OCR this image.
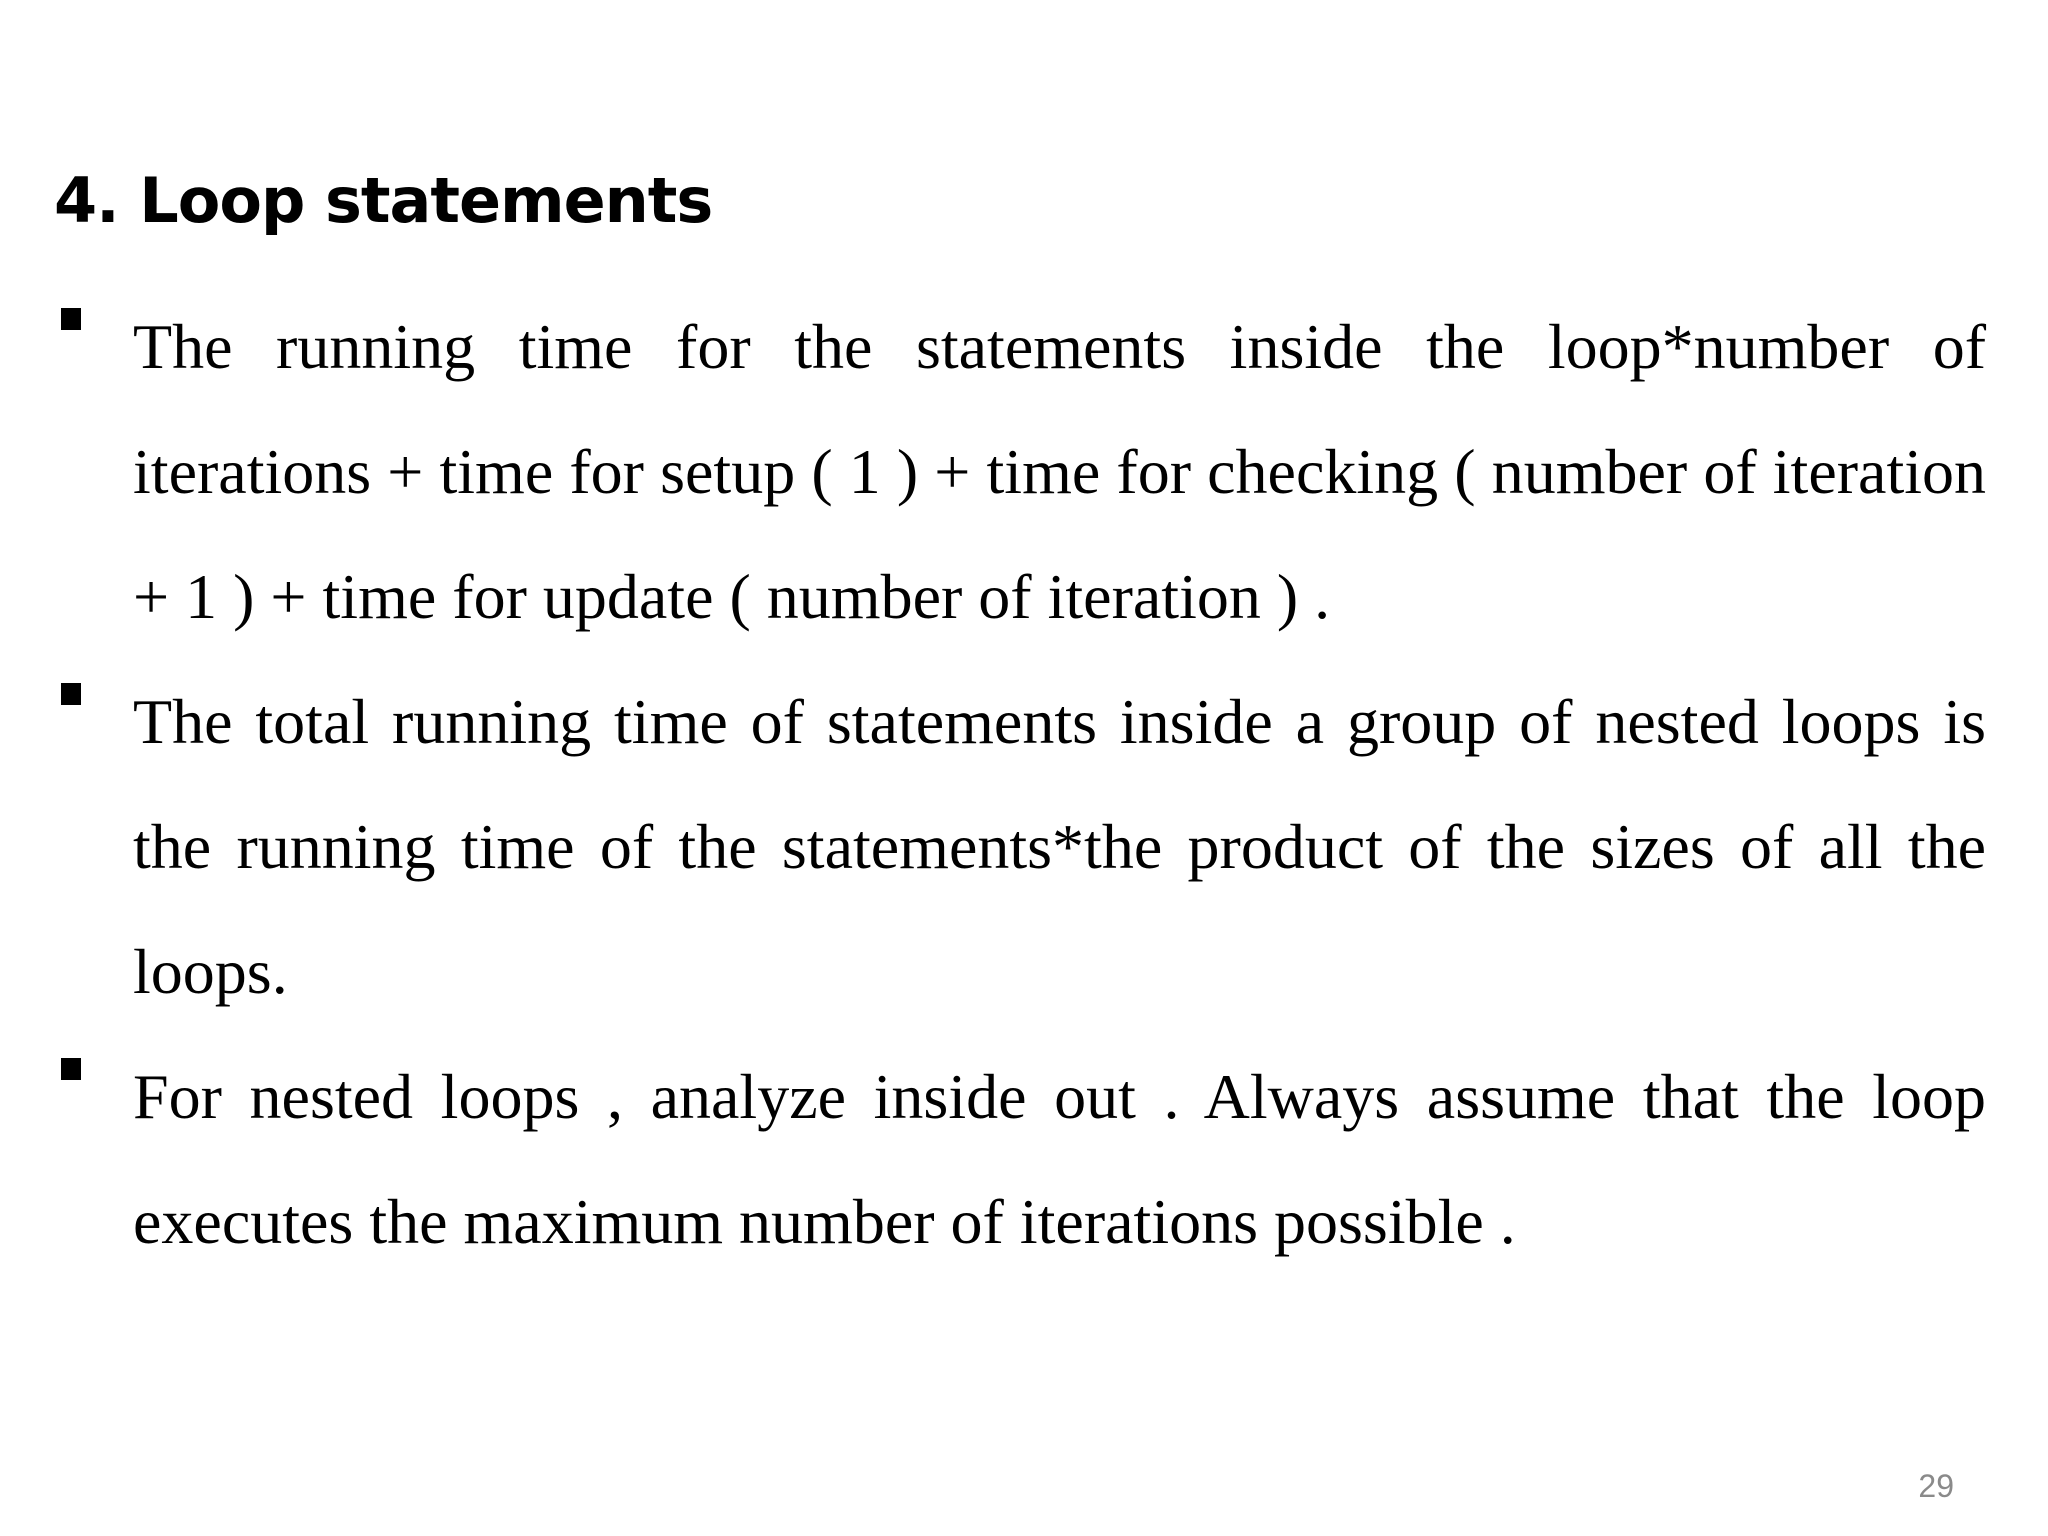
4. Loop statements
The running time for the statements inside the loop*number of iterations + time for setup ( 1 ) + time for checking ( number of iteration + 1 ) + time for update ( number of iteration ) .
The total running time of statements inside a group of nested loops is the running time of the statements*the product of the sizes of all the loops.
For nested loops , analyze inside out . Always assume that the loop executes the maximum number of iterations possible .
29
